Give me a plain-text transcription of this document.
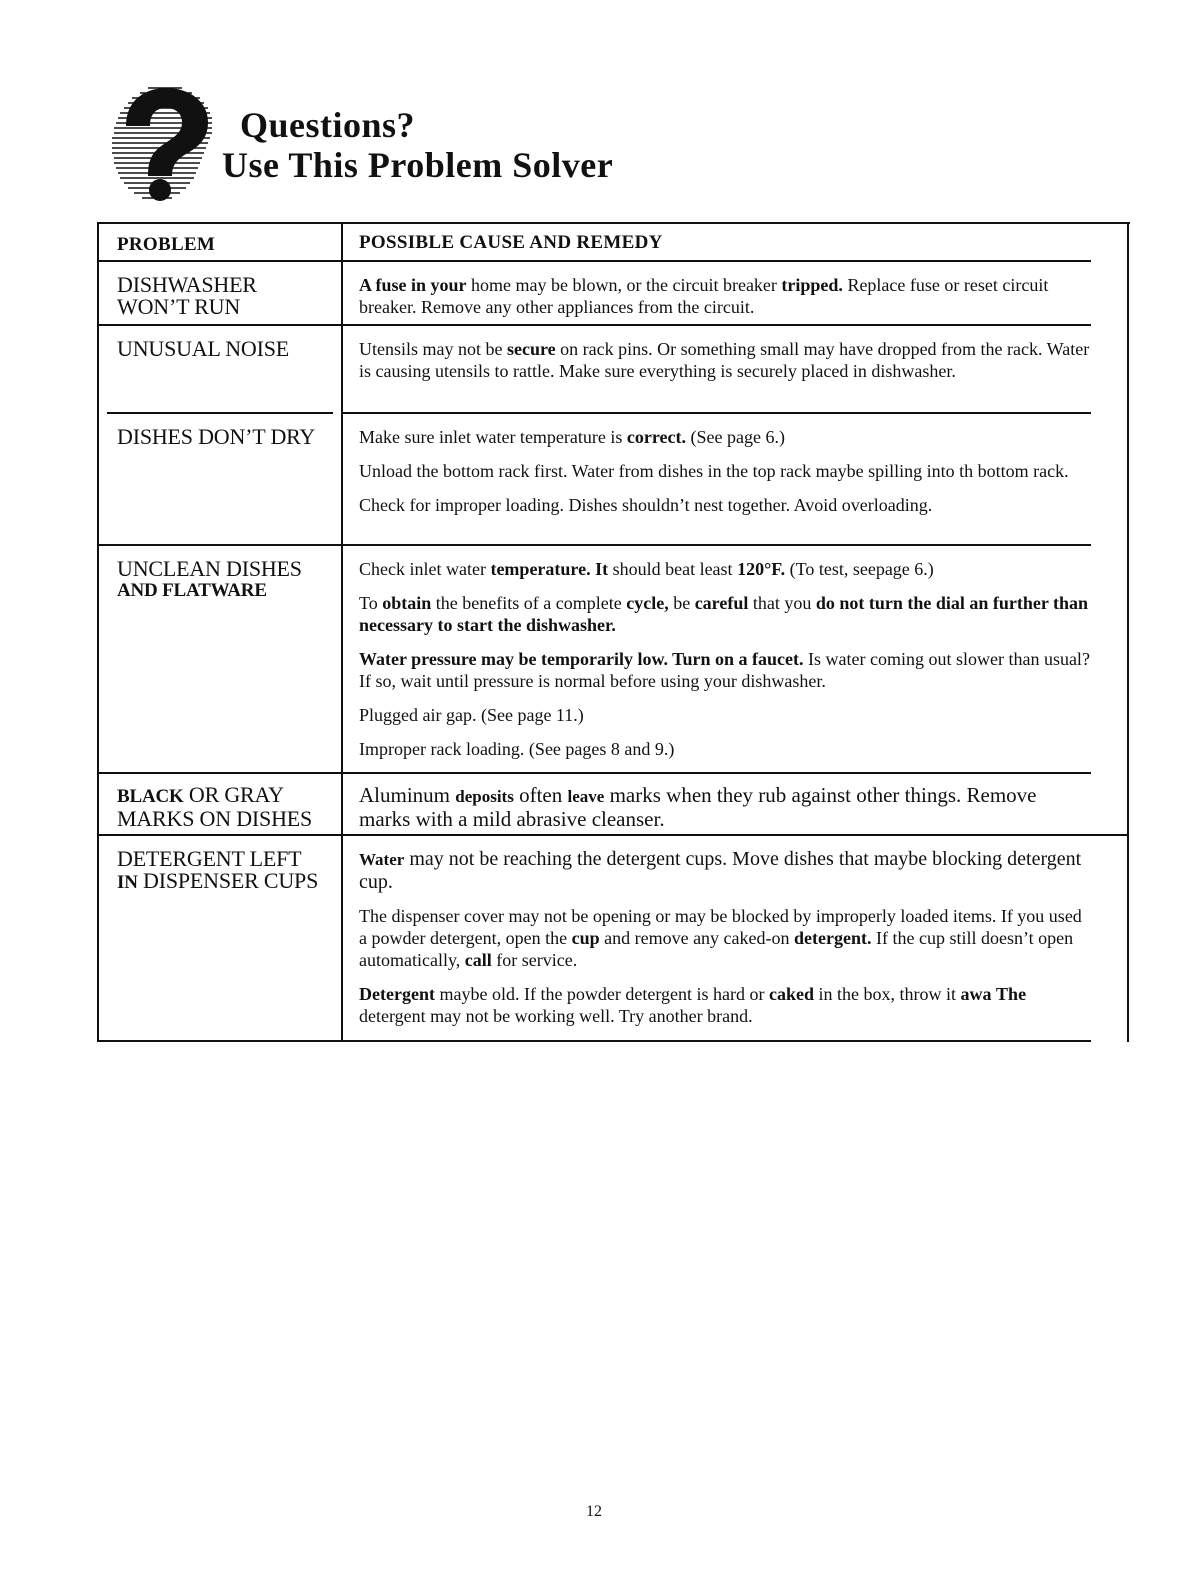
Questions?
Use This Problem Solver
PROBLEM	POSSIBLE CAUSE AND REMEDY
DISHWASHER
WON’T RUN

A fuse in your home may be blown, or the circuit breaker tripped. Replace fuse or reset circuit breaker. Remove any other appliances from the circuit.

UNUSUAL NOISE	Utensils may not be secure on rack pins. Or something small may have dropped from the rack. Water is causing utensils to rattle. Make sure everything is securely placed in dishwasher.

DISHES DON’T DRY Make sure inlet water temperature is correct. (See page 6.)

Unload the bottom rack first. Water from dishes in the top rack maybe spilling into th bottom rack.

Check for improper loading. Dishes shouldn’t nest together. Avoid overloading.

UNCLEAN DISHES
AND FLATWARE

Check inlet water temperature. It should beat least 120°F. (To test, seepage 6.)

To obtain the benefits of a complete cycle, be careful that you do not turn the dial an further than necessary to start the dishwasher.

Water pressure may be temporarily low. Turn on a faucet. Is water coming out slower than usual? If so, wait until pressure is normal before using your dishwasher.

Plugged air gap. (See page 11.)

Improper rack loading. (See pages 8 and 9.)

BLACK OR GRAY
MARKS ON DISHES

Aluminum deposits often leave marks when they rub against other things. Remove marks with a mild abrasive cleanser.

DETERGENT LEFT
IN DISPENSER CUPS

Water may not be reaching the detergent cups. Move dishes that maybe blocking detergent cup.

The dispenser cover may not be opening or may be blocked by improperly loaded items. If you used a powder detergent, open the cup and remove any caked-on detergent. If the cup still doesn’t open automatically, call for service.

Detergent maybe old. If the powder detergent is hard or caked in the box, throw it awa The detergent may not be working well. Try another brand.

12
